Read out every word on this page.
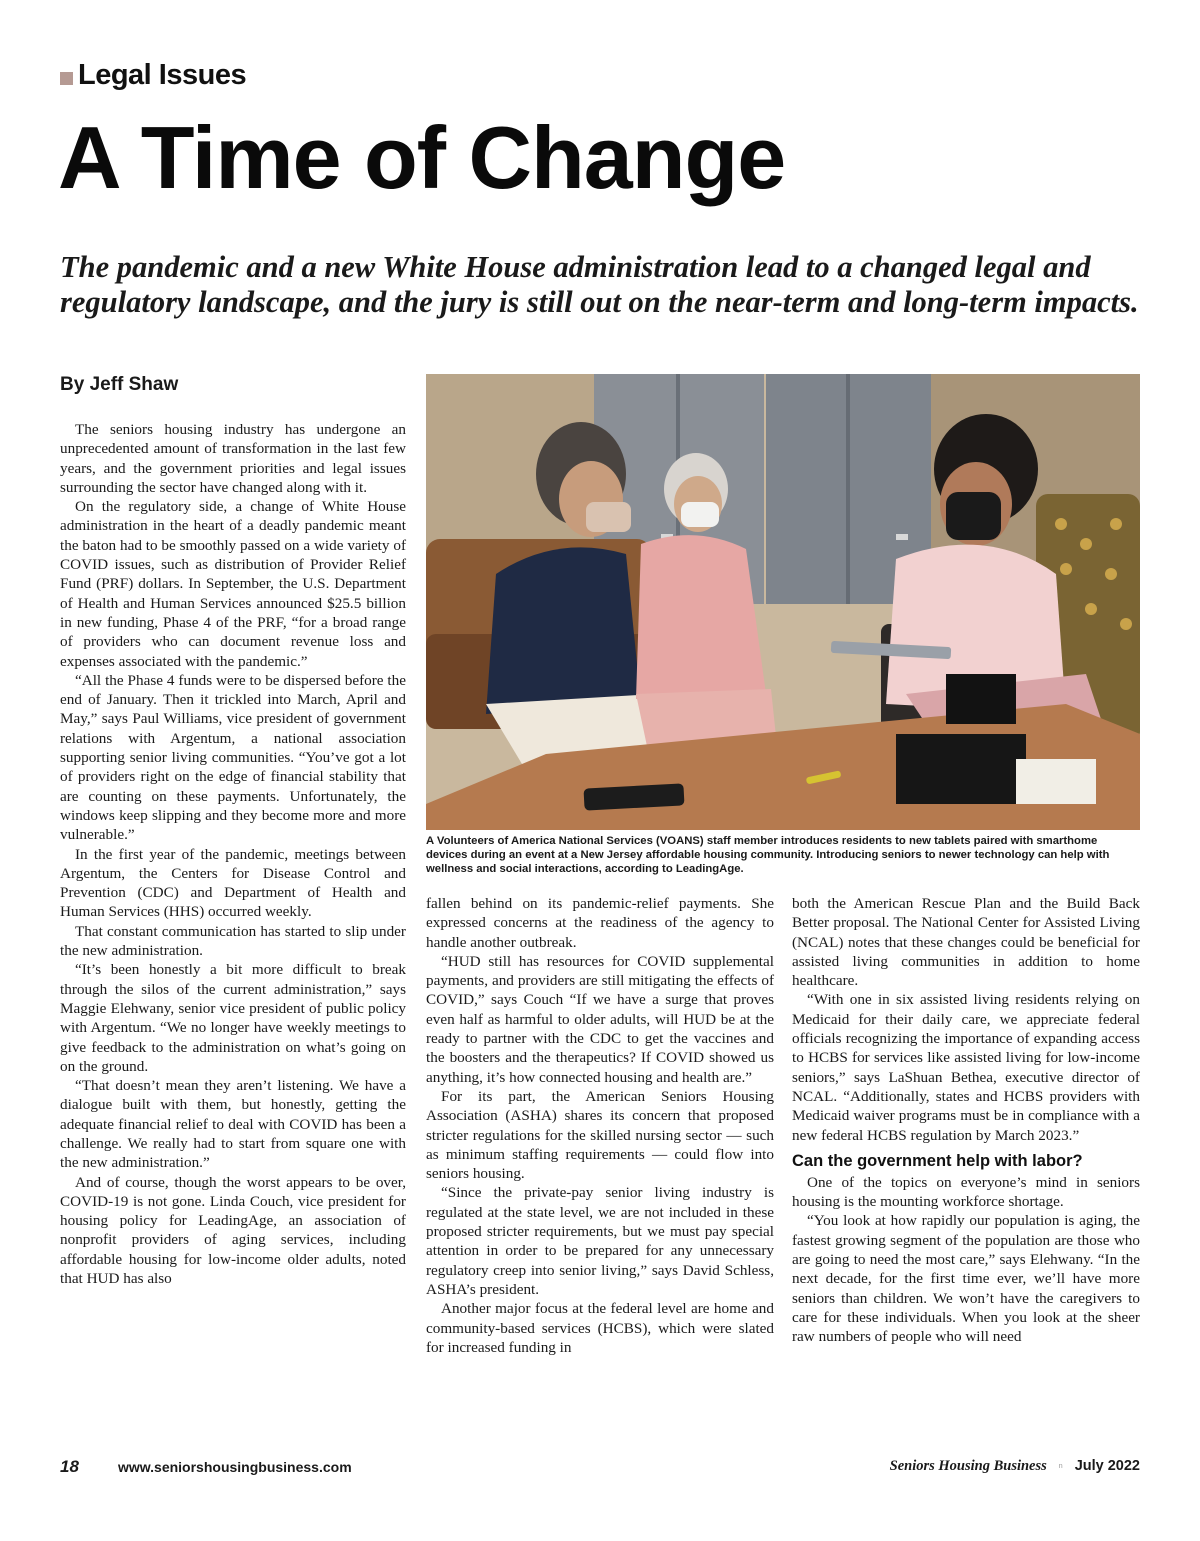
Legal Issues
A Time of Change

The pandemic and a new White House administration lead to a changed legal and regulatory landscape, and the jury is still out on the near-term and long-term impacts.

By Jeff Shaw

The seniors housing industry has undergone an unprecedented amount of transformation in the last few years, and the government priorities and legal issues surrounding the sector have changed along with it.

On the regulatory side, a change of White House administration in the heart of a deadly pandemic meant the baton had to be smoothly passed on a wide variety of COVID issues, such as distribution of Provider Relief Fund (PRF) dollars. In September, the U.S. Department of Health and Human Services announced $25.5 billion in new funding, Phase 4 of the PRF, “for a broad range of providers who can document revenue loss and expenses associated with the pandemic.”

“All the Phase 4 funds were to be dispersed before the end of January. Then it trickled into March, April and May,” says Paul Williams, vice president of government relations with Argentum, a national association supporting senior living communities. “You’ve got a lot of providers right on the edge of financial stability that are counting on these payments. Unfortunately, the windows keep slipping and they become more and more vulnerable.”

In the first year of the pandemic, meetings between Argentum, the Centers for Disease Control and Prevention (CDC) and Department of Health and Human Services (HHS) occurred weekly.

That constant communication has started to slip under the new administration.

“It’s been honestly a bit more difficult to break through the silos of the current administration,” says Maggie Elehwany, senior vice president of public policy with Argentum. “We no longer have weekly meetings to give feedback to the administration on what’s going on on the ground.

“That doesn’t mean they aren’t listening. We have a dialogue built with them, but honestly, getting the adequate financial relief to deal with COVID has been a challenge. We really had to start from square one with the new administration.”

And of course, though the worst appears to be over, COVID-19 is not gone. Linda Couch, vice president for housing policy for LeadingAge, an association of nonprofit providers of aging services, including affordable housing for low-income older adults, noted that HUD has also

A Volunteers of America National Services (VOANS) staff member introduces residents to new tablets paired with smarthome devices during an event at a New Jersey affordable housing community. Introducing seniors to newer technology can help with wellness and social interactions, according to LeadingAge.

fallen behind on its pandemic-relief payments. She expressed concerns at the readiness of the agency to handle another outbreak.

“HUD still has resources for COVID supplemental payments, and providers are still mitigating the effects of COVID,” says Couch “If we have a surge that proves even half as harmful to older adults, will HUD be at the ready to partner with the CDC to get the vaccines and the boosters and the therapeutics? If COVID showed us anything, it’s how connected housing and health are.”

For its part, the American Seniors Housing Association (ASHA) shares its concern that proposed stricter regulations for the skilled nursing sector — such as minimum staffing requirements — could flow into seniors housing.

“Since the private-pay senior living industry is regulated at the state level, we are not included in these proposed stricter requirements, but we must pay special attention in order to be prepared for any unnecessary regulatory creep into senior living,” says David Schless, ASHA’s president.

Another major focus at the federal level are home and community-based services (HCBS), which were slated for increased funding in

both the American Rescue Plan and the Build Back Better proposal. The National Center for Assisted Living (NCAL) notes that these changes could be beneficial for assisted living communities in addition to home healthcare.

“With one in six assisted living residents relying on Medicaid for their daily care, we appreciate federal officials recognizing the importance of expanding access to HCBS for services like assisted living for low-income seniors,” says LaShuan Bethea, executive director of NCAL. “Additionally, states and HCBS providers with Medicaid waiver programs must be in compliance with a new federal HCBS regulation by March 2023.”

Can the government help with labor?

One of the topics on everyone’s mind in seniors housing is the mounting workforce shortage.

“You look at how rapidly our population is aging, the fastest growing segment of the population are those who are going to need the most care,” says Elehwany. “In the next decade, for the first time ever, we’ll have more seniors than children. We won’t have the caregivers to care for these individuals. When you look at the sheer raw numbers of people who will need

18	www.seniorshousingbusiness.com	Seniors Housing Business n July 2022
